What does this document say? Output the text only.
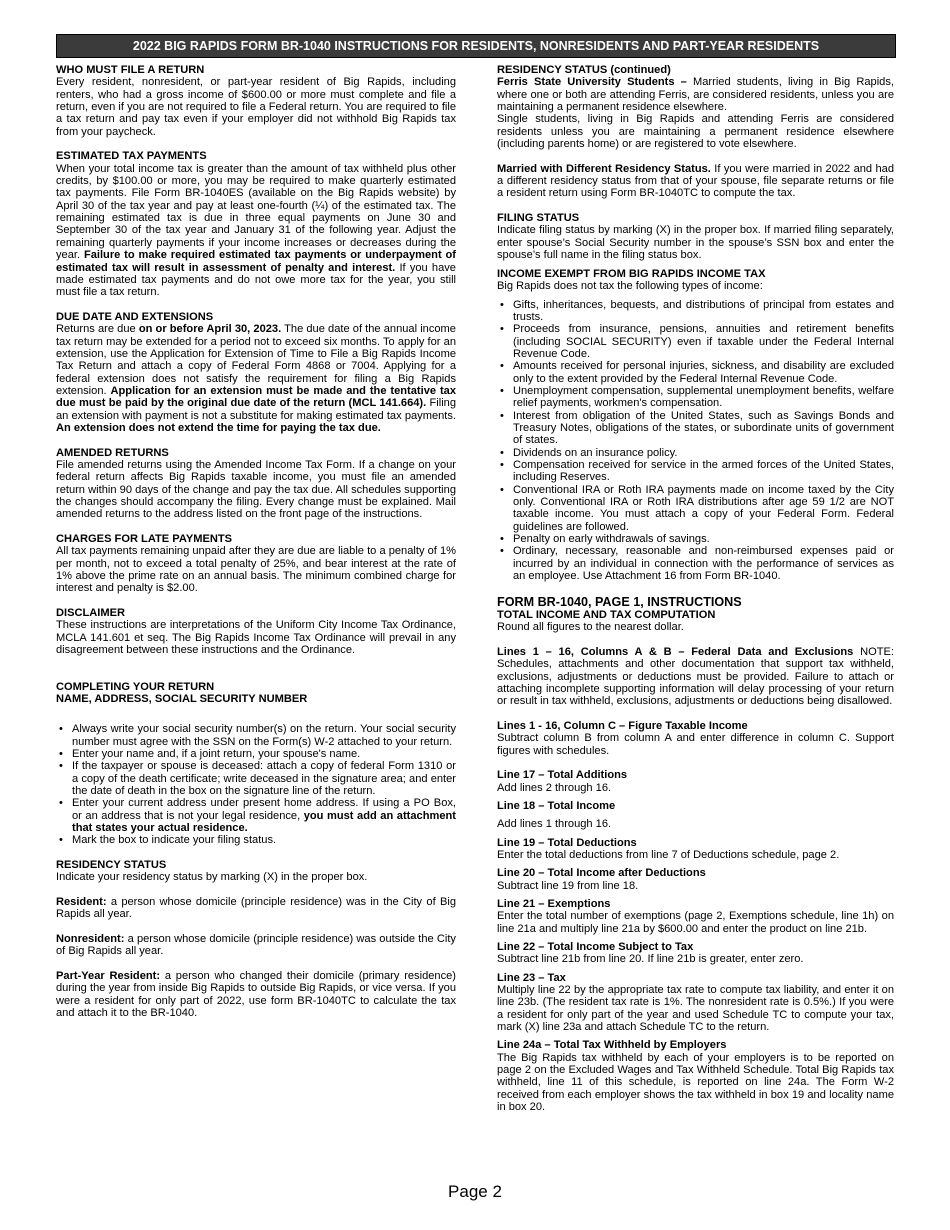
2022 BIG RAPIDS FORM BR-1040 INSTRUCTIONS FOR RESIDENTS, NONRESIDENTS AND PART-YEAR RESIDENTS
WHO MUST FILE A RETURN

Every resident, nonresident, or part-year resident of Big Rapids, including renters, who had a gross income of $600.00 or more must complete and file a return, even if you are not required to file a Federal return. You are required to file a tax return and pay tax even if your employer did not withhold Big Rapids tax from your paycheck.

ESTIMATED TAX PAYMENTS

When your total income tax is greater than the amount of tax withheld plus other credits, by $100.00 or more, you may be required to make quarterly estimated tax payments. File Form BR-1040ES (available on the Big Rapids website) by April 30 of the tax year and pay at least one-fourth (¼) of the estimated tax. The remaining estimated tax is due in three equal payments on June 30 and September 30 of the tax year and January 31 of the following year. Adjust the remaining quarterly payments if your income increases or decreases during the year. Failure to make required estimated tax payments or underpayment of estimated tax will result in assessment of penalty and interest. If you have made estimated tax payments and do not owe more tax for the year, you still must file a tax return.

DUE DATE AND EXTENSIONS

Returns are due on or before April 30, 2023. The due date of the annual income tax return may be extended for a period not to exceed six months. To apply for an extension, use the Application for Extension of Time to File a Big Rapids Income Tax Return and attach a copy of Federal Form 4868 or 7004. Applying for a federal extension does not satisfy the requirement for filing a Big Rapids extension. Application for an extension must be made and the tentative tax due must be paid by the original due date of the return (MCL 141.664). Filing an extension with payment is not a substitute for making estimated tax payments. An extension does not extend the time for paying the tax due.

AMENDED RETURNS

File amended returns using the Amended Income Tax Form. If a change on your federal return affects Big Rapids taxable income, you must file an amended return within 90 days of the change and pay the tax due. All schedules supporting the changes should accompany the filing. Every change must be explained. Mail amended returns to the address listed on the front page of the instructions.

CHARGES FOR LATE PAYMENTS

All tax payments remaining unpaid after they are due are liable to a penalty of 1% per month, not to exceed a total penalty of 25%, and bear interest at the rate of 1% above the prime rate on an annual basis. The minimum combined charge for interest and penalty is $2.00.

DISCLAIMER

These instructions are interpretations of the Uniform City Income Tax Ordinance, MCLA 141.601 et seq. The Big Rapids Income Tax Ordinance will prevail in any disagreement between these instructions and the Ordinance.

COMPLETING YOUR RETURN
NAME, ADDRESS, SOCIAL SECURITY NUMBER
• Always write your social security number(s) on the return. Your social security number must agree with the SSN on the Form(s) W-2 attached to your return.
• Enter your name and, if a joint return, your spouse's name.
• If the taxpayer or spouse is deceased: attach a copy of federal Form 1310 or a copy of the death certificate; write deceased in the signature area; and enter the date of death in the box on the signature line of the return.
• Enter your current address under present home address. If using a PO Box, or an address that is not your legal residence, you must add an attachment that states your actual residence.
• Mark the box to indicate your filing status.
RESIDENCY STATUS

Indicate your residency status by marking (X) in the proper box.

Resident: a person whose domicile (principle residence) was in the City of Big Rapids all year.

Nonresident: a person whose domicile (principle residence) was outside the City of Big Rapids all year.

Part-Year Resident: a person who changed their domicile (primary residence) during the year from inside Big Rapids to outside Big Rapids, or vice versa. If you were a resident for only part of 2022, use form BR-1040TC to calculate the tax and attach it to the BR-1040.

RESIDENCY STATUS (continued)

Ferris State University Students – Married students, living in Big Rapids, where one or both are attending Ferris, are considered residents, unless you are maintaining a permanent residence elsewhere.

Single students, living in Big Rapids and attending Ferris are considered residents unless you are maintaining a permanent residence elsewhere (including parents home) or are registered to vote elsewhere.

Married with Different Residency Status. If you were married in 2022 and had a different residency status from that of your spouse, file separate returns or file a resident return using Form BR-1040TC to compute the tax.

FILING STATUS

Indicate filing status by marking (X) in the proper box. If married filing separately, enter spouse’s Social Security number in the spouse’s SSN box and enter the spouse’s full name in the filing status box.

INCOME EXEMPT FROM BIG RAPIDS INCOME TAX

Big Rapids does not tax the following types of income:

• Gifts, inheritances, bequests, and distributions of principal from estates and trusts.
• Proceeds from insurance, pensions, annuities and retirement benefits (including SOCIAL SECURITY) even if taxable under the Federal Internal Revenue Code.
• Amounts received for personal injuries, sickness, and disability are excluded only to the extent provided by the Federal Internal Revenue Code.
• Unemployment compensation, supplemental unemployment benefits, welfare relief payments, workmen's compensation.
• Interest from obligation of the United States, such as Savings Bonds and Treasury Notes, obligations of the states, or subordinate units of government of states.
• Dividends on an insurance policy.
• Compensation received for service in the armed forces of the United States, including Reserves.
• Conventional IRA or Roth IRA payments made on income taxed by the City only. Conventional IRA or Roth IRA distributions after age 59 1/2 are NOT taxable income. You must attach a copy of your Federal Form. Federal guidelines are followed.
• Penalty on early withdrawals of savings.
• Ordinary, necessary, reasonable and non-reimbursed expenses paid or incurred by an individual in connection with the performance of services as an employee. Use Attachment 16 from Form BR-1040.
FORM BR-1040, PAGE 1, INSTRUCTIONS
TOTAL INCOME AND TAX COMPUTATION

Round all figures to the nearest dollar.

Lines 1 – 16, Columns A & B – Federal Data and Exclusions NOTE: Schedules, attachments and other documentation that support tax withheld, exclusions, adjustments or deductions must be provided. Failure to attach or attaching incomplete supporting information will delay processing of your return or result in tax withheld, exclusions, adjustments or deductions being disallowed.

Lines 1 - 16, Column C – Figure Taxable Income

Subtract column B from column A and enter difference in column C. Support figures with schedules.

Line 17 – Total Additions

Add lines 2 through 16.

Line 18 – Total Income

Add lines 1 through 16.

Line 19 – Total Deductions

Enter the total deductions from line 7 of Deductions schedule, page 2.

Line 20 – Total Income after Deductions

Subtract line 19 from line 18.

Line 21 – Exemptions

Enter the total number of exemptions (page 2, Exemptions schedule, line 1h) on line 21a and multiply line 21a by $600.00 and enter the product on line 21b.

Line 22 – Total Income Subject to Tax

Subtract line 21b from line 20. If line 21b is greater, enter zero.

Line 23 – Tax

Multiply line 22 by the appropriate tax rate to compute tax liability, and enter it on line 23b. (The resident tax rate is 1%. The nonresident rate is 0.5%.) If you were a resident for only part of the year and used Schedule TC to compute your tax, mark (X) line 23a and attach Schedule TC to the return.

Line 24a – Total Tax Withheld by Employers

The Big Rapids tax withheld by each of your employers is to be reported on page 2 on the Excluded Wages and Tax Withheld Schedule. Total Big Rapids tax withheld, line 11 of this schedule, is reported on line 24a. The Form W-2 received from each employer shows the tax withheld in box 19 and locality name in box 20.

Page 2
